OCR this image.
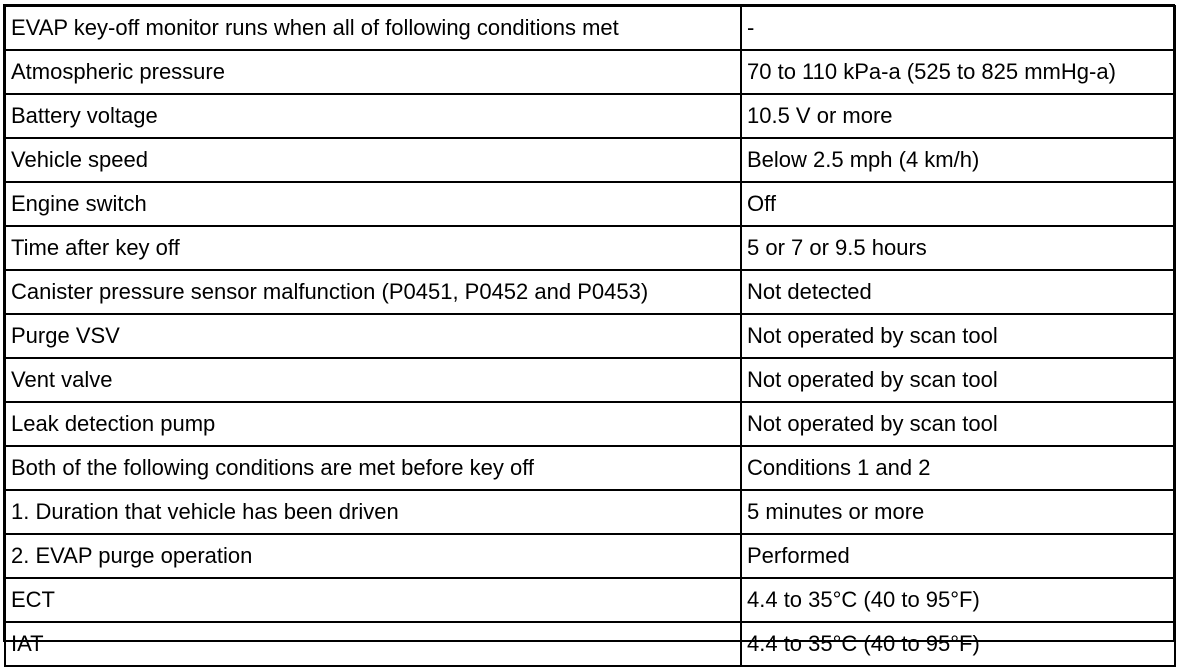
EVAP key-off monitor runs when all of following conditions met	-
Atmospheric pressure	70 to 110 kPa-a (525 to 825 mmHg-a)
Battery voltage	10.5 V or more
Vehicle speed	Below 2.5 mph (4 km/h)
Engine switch	Off
Time after key off	5 or 7 or 9.5 hours
Canister pressure sensor malfunction (P0451, P0452 and P0453)	Not detected
Purge VSV	Not operated by scan tool
Vent valve	Not operated by scan tool
Leak detection pump	Not operated by scan tool
Both of the following conditions are met before key off	Conditions 1 and 2
1. Duration that vehicle has been driven	5 minutes or more
2. EVAP purge operation	Performed
ECT	4.4 to 35°C (40 to 95°F)
IAT	4.4 to 35°C (40 to 95°F)
